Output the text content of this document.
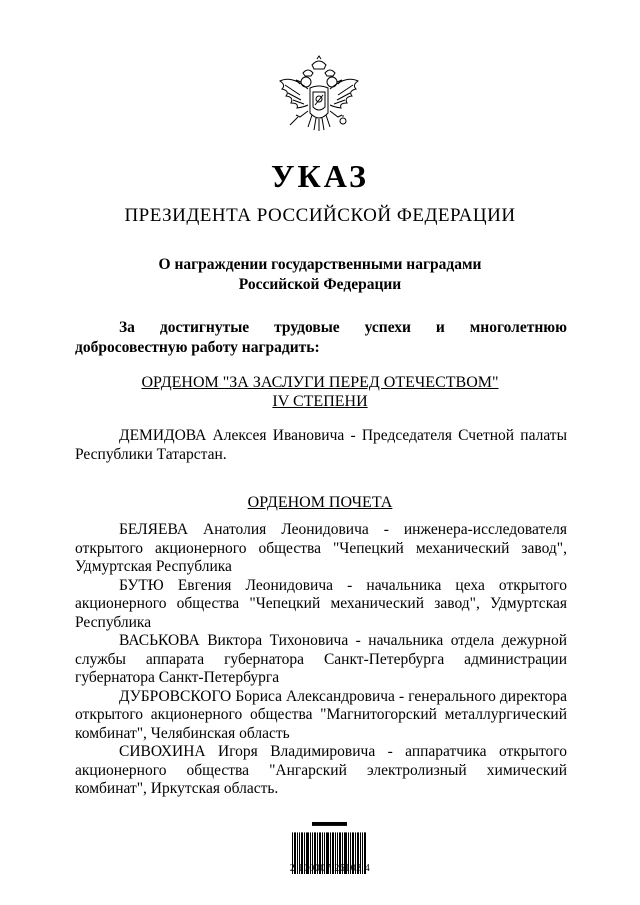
УКАЗ
ПРЕЗИДЕНТА РОССИЙСКОЙ ФЕДЕРАЦИИ
О награждении государственными наградами
Российской Федерации
За достигнутые трудовые успехи и многолетнюю
добросовестную работу наградить:
ОРДЕНОМ "ЗА ЗАСЛУГИ ПЕРЕД ОТЕЧЕСТВОМ"
IV СТЕПЕНИ

ДЕМИДОВА Алексея Ивановича - Председателя Счетной палаты Республики Татарстан.

ОРДЕНОМ ПОЧЕТА

БЕЛЯЕВА Анатолия Леонидовича - инженера-исследователя открытого акционерного общества "Чепецкий механический завод", Удмуртская Республика

БУТЮ Евгения Леонидовича - начальника цеха открытого акционерного общества "Чепецкий механический завод", Удмуртская Республика

ВАСЬКОВА Виктора Тихоновича - начальника отдела дежурной службы аппарата губернатора Санкт-Петербурга администрации губернатора Санкт-Петербурга

ДУБРОВСКОГО Бориса Александровича - генерального директора открытого акционерного общества "Магнитогорский металлургический комбинат", Челябинская область

СИВОХИНА Игоря Владимировича - аппаратчика открытого акционерного общества "Ангарский электролизный химический комбинат", Иркутская область.

2 100007 26103 4
